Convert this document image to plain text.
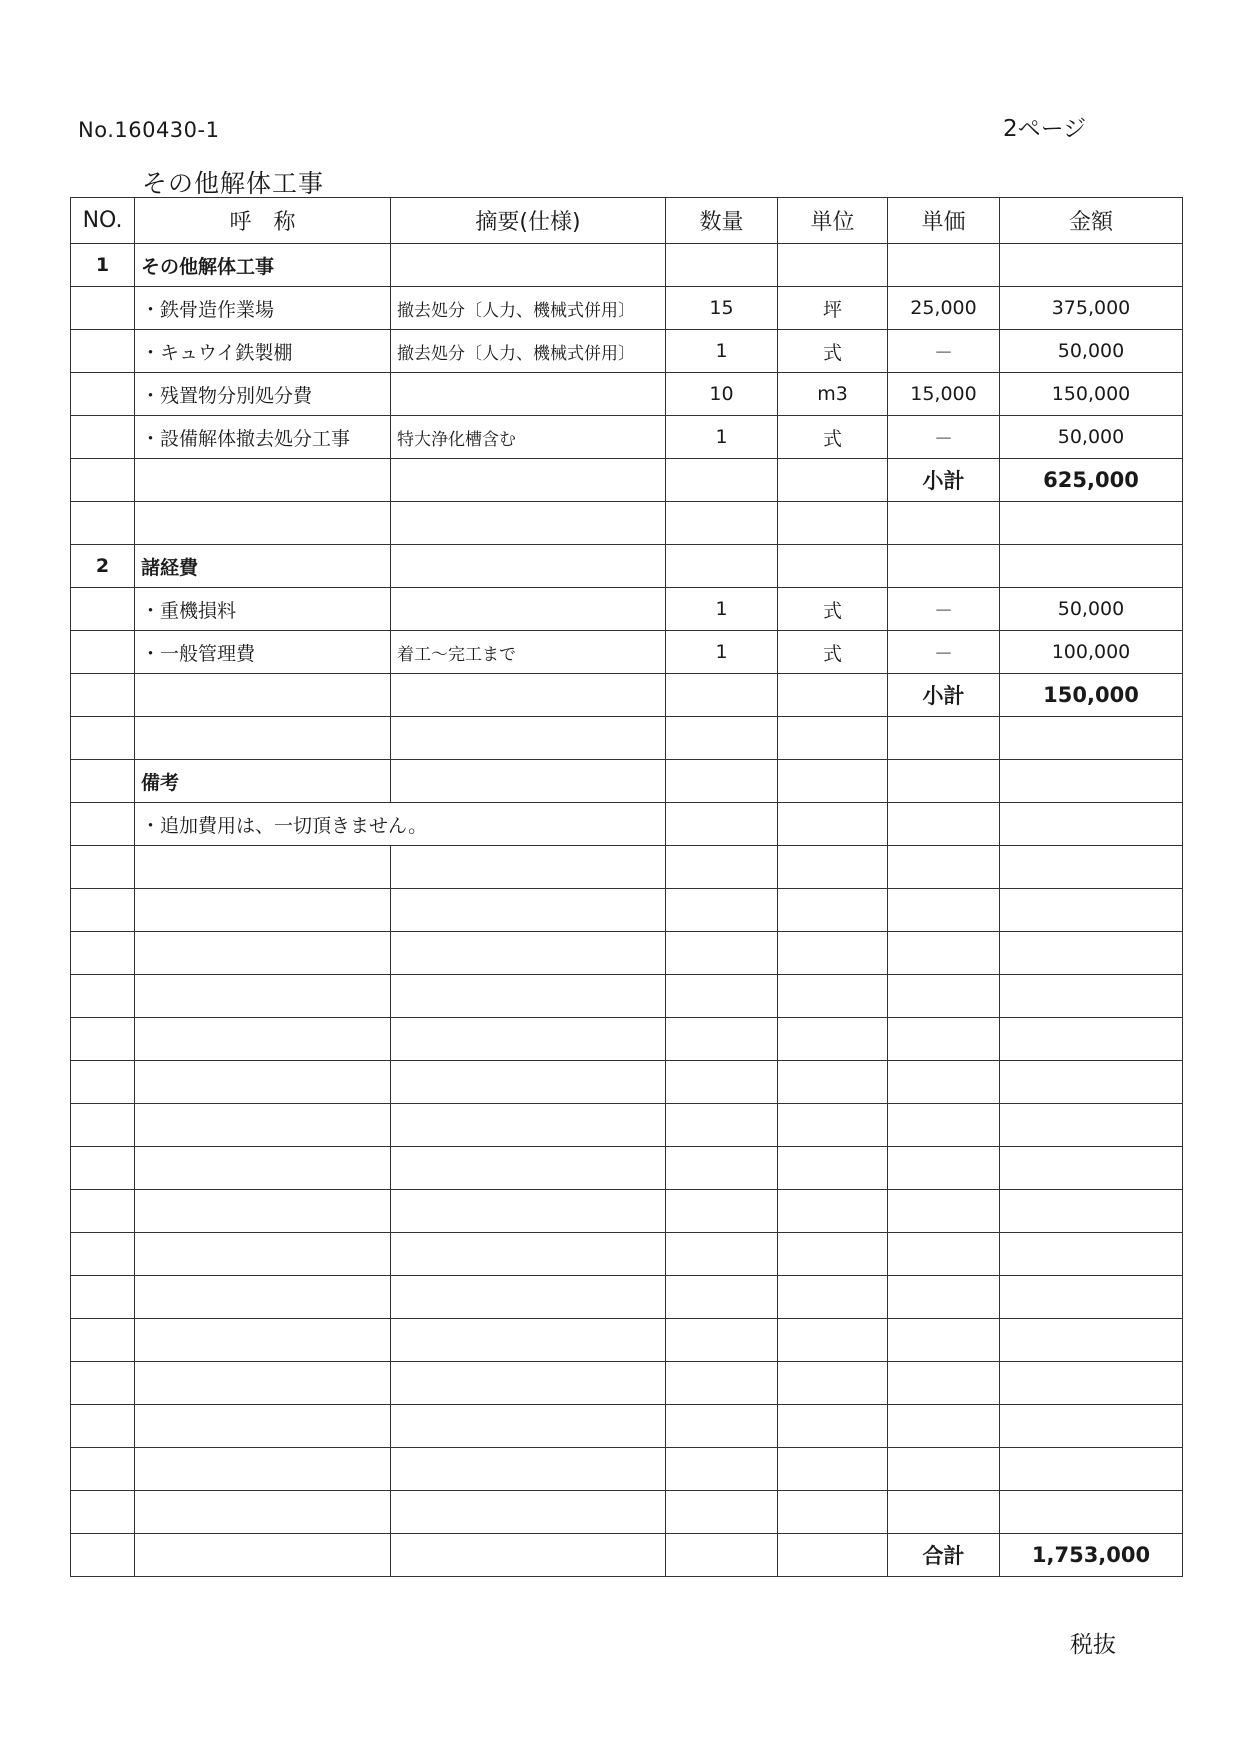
No.160430-1	2ページ
その他解体工事
NO.	呼　称	摘要(仕様)	数量	単位	単価	金額
1	その他解体工事					
	・鉄骨造作業場	撤去処分〔人力、機械式併用〕	15	坪	25,000	375,000
	・キュウイ鉄製棚	撤去処分〔人力、機械式併用〕	1	式	－	50,000
	・残置物分別処分費		10	m3	15,000	150,000
	・設備解体撤去処分工事	特大浄化槽含む	1	式	－	50,000
					小計	625,000

2	諸経費					
	・重機損料		1	式	－	50,000
	・一般管理費	着工～完工まで	1	式	－	100,000
					小計	150,000

	備考					
	・追加費用は、一切頂きません。					

					合計	1,753,000
税抜
